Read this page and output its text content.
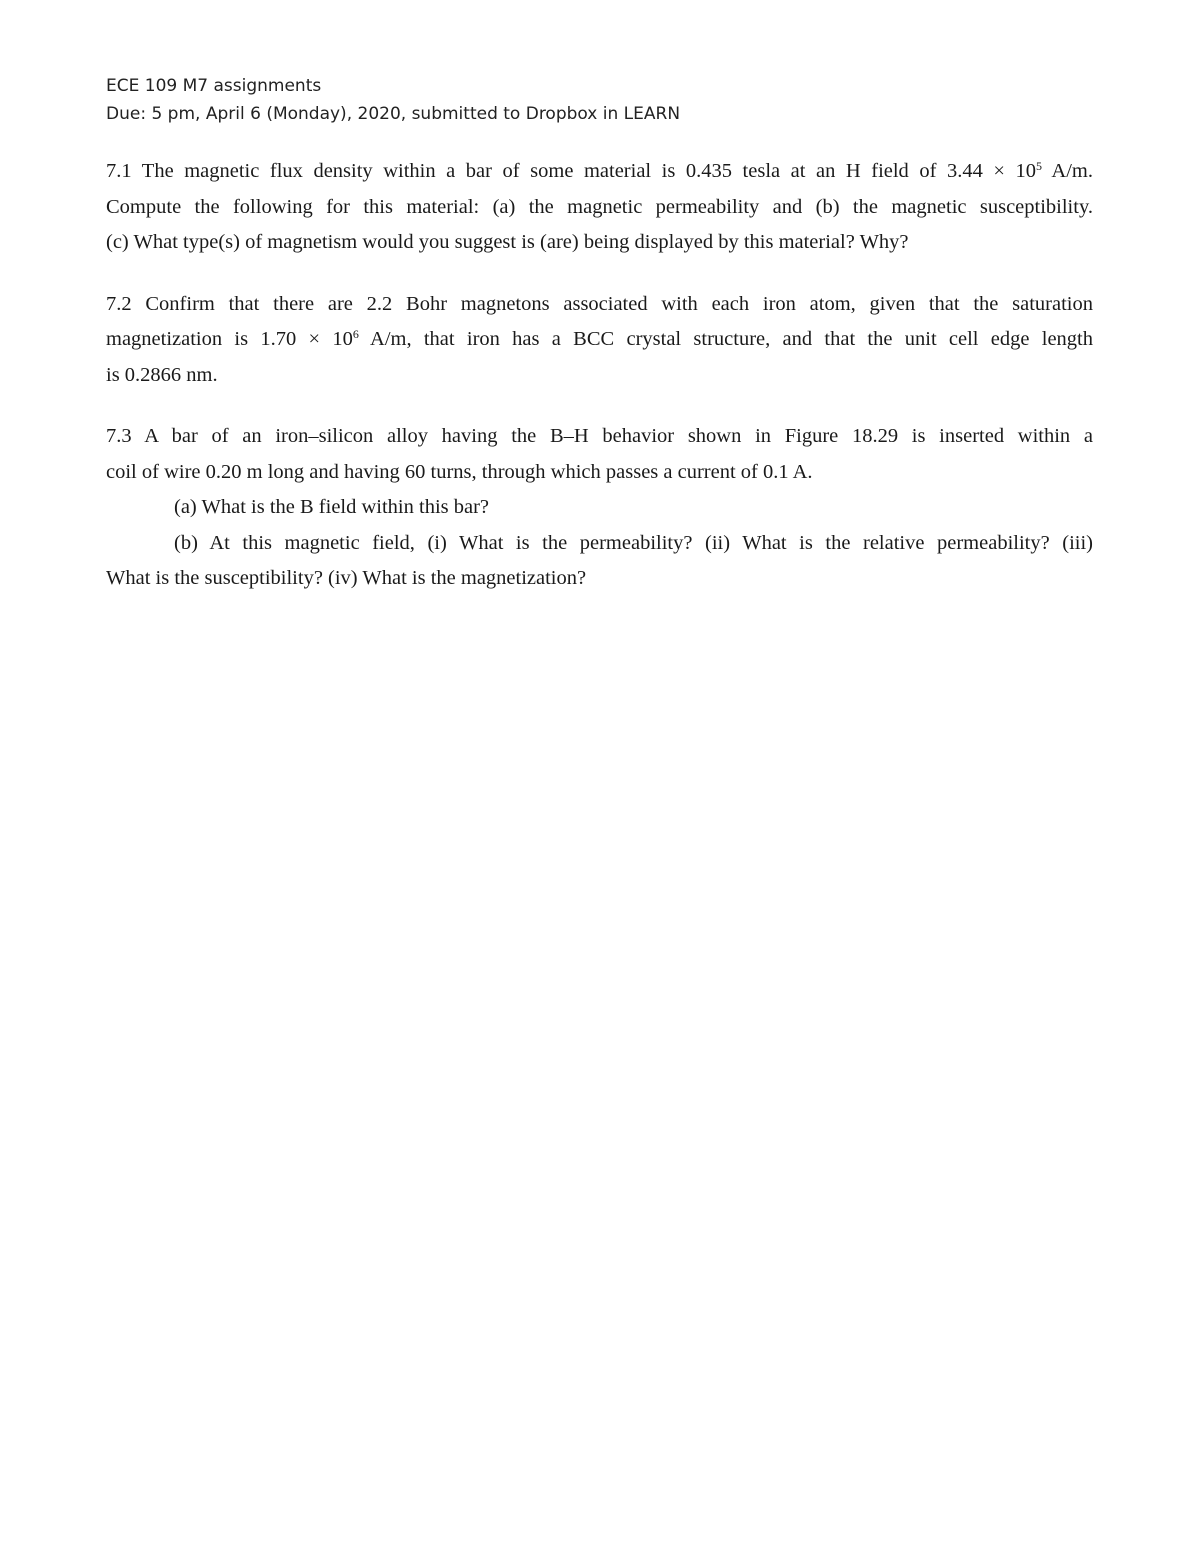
ECE 109 M7 assignments
Due: 5 pm, April 6 (Monday), 2020, submitted to Dropbox in LEARN
7.1 The magnetic flux density within a bar of some material is 0.435 tesla at an H field of $3.44 \times 10^5$ A/m.
Compute the following for this material: (a) the magnetic permeability and (b) the magnetic susceptibility.
(c) What type(s) of magnetism would you suggest is (are) being displayed by this material? Why?
7.2 Confirm that there are 2.2 Bohr magnetons associated with each iron atom, given that the saturation
magnetization is $1.70 \times 10^6$ A/m, that iron has a BCC crystal structure, and that the unit cell edge length
is 0.2866 nm.
7.3 A bar of an iron–silicon alloy having the B–H behavior shown in Figure 18.29 is inserted within a
coil of wire 0.20 m long and having 60 turns, through which passes a current of 0.1 A.
(a) What is the B field within this bar?
(b) At this magnetic field, (i) What is the permeability? (ii) What is the relative permeability? (iii)
What is the susceptibility? (iv) What is the magnetization?
